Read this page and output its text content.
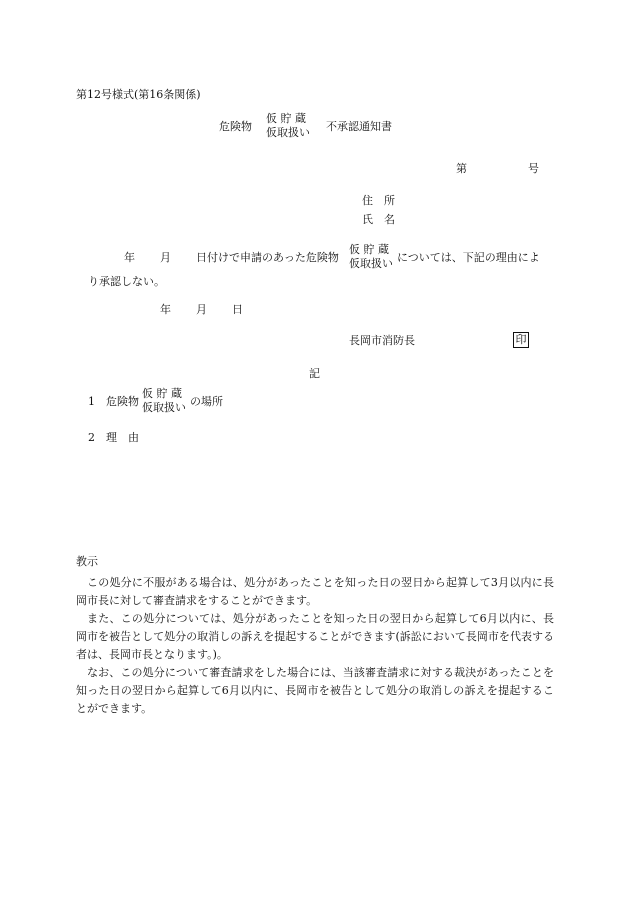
第12号様式(第16条関係)
危険物
仮 貯 蔵
仮取扱い 不承認通知書
第	号
住　所
氏　名
年 月 日付けで申請のあった危険物
仮 貯 蔵
仮取扱い については、下記の理由によ
り承認しない。
年 月 日
長岡市消防長	印
記
1 危険物
仮 貯 蔵
仮取扱い の場所
2 理　由
教示
この処分に不服がある場合は、処分があったことを知った日の翌日から起算して3月以内に長岡市長に対して審査請求をすることができます。
また、この処分については、処分があったことを知った日の翌日から起算して6月以内に、長岡市を被告として処分の取消しの訴えを提起することができます(訴訟において長岡市を代表する者は、長岡市長となります。)。
なお、この処分について審査請求をした場合には、当該審査請求に対する裁決があったことを知った日の翌日から起算して6月以内に、長岡市を被告として処分の取消しの訴えを提起することができます。
